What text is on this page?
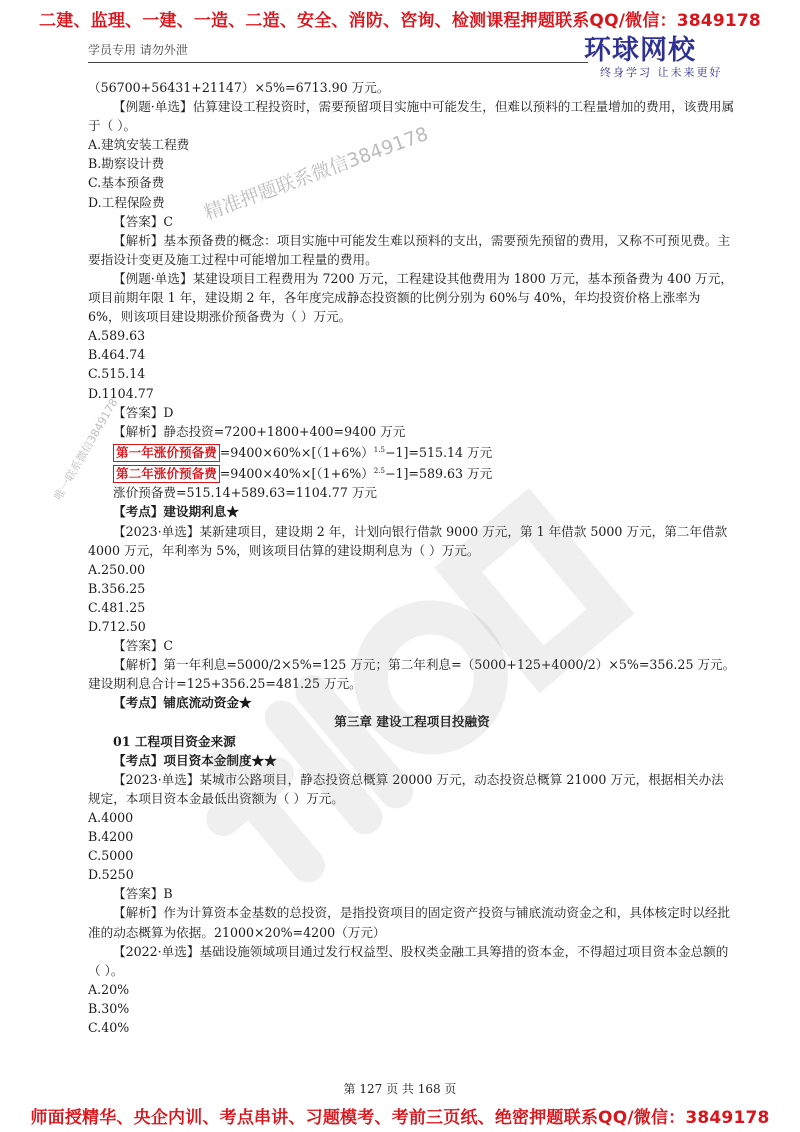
二建、监理、一建、一造、二造、安全、消防、咨询、检测课程押题联系QQ/微信：3849178
学员专用 请勿外泄	环球网校
终身学习 让未来更好

（56700+56431+21147）×5%=6713.90 万元。

【例题·单选】估算建设工程投资时，需要预留项目实施中可能发生，但难以预料的工程量增加的费用，该费用属于（ ）。

A.建筑安装工程费

B.勘察设计费

C.基本预备费

D.工程保险费

【答案】C

【解析】基本预备费的概念：项目实施中可能发生难以预料的支出，需要预先预留的费用，又称不可预见费。主要指设计变更及施工过程中可能增加工程量的费用。

【例题·单选】某建设项目工程费用为 7200 万元，工程建设其他费用为 1800 万元，基本预备费为 400 万元，项目前期年限 1 年，建设期 2 年，各年度完成静态投资额的比例分别为 60%与 40%，年均投资价格上涨率为 6%，则该项目建设期涨价预备费为（ ）万元。

A.589.63

B.464.74

C.515.14

D.1104.77

【答案】D

【解析】静态投资=7200+1800+400=9400 万元

第一年涨价预备费 $=9400\times 60\%\times[(1+6\%)^{1.5}-1]=515.14$ 万元

第二年涨价预备费 $=9400\times 40\%\times[(1+6\%)^{2.5}-1]=589.63$ 万元

涨价预备费=515.14+589.63=1104.77 万元

【考点】建设期利息★

【2023·单选】某新建项目，建设期 2 年，计划向银行借款 9000 万元，第 1 年借款 5000 万元，第二年借款 4000 万元，年利率为 5%，则该项目估算的建设期利息为（ ）万元。

A.250.00

B.356.25

C.481.25

D.712.50

【答案】C

【解析】第一年利息=5000/2×5%=125 万元；第二年利息=（5000+125+4000/2）×5%=356.25 万元。建设期利息合计=125+356.25=481.25 万元。

【考点】铺底流动资金★

第三章 建设工程项目投融资

01 工程项目资金来源

【考点】项目资本金制度★★

【2023·单选】某城市公路项目，静态投资总概算 20000 万元，动态投资总概算 21000 万元，根据相关办法规定，本项目资本金最低出资额为（ ）万元。

A.4000

B.4200

C.5000

D.5250

【答案】B

【解析】作为计算资本金基数的总投资，是指投资项目的固定资产投资与铺底流动资金之和，具体核定时以经批准的动态概算为依据。21000×20%=4200（万元）

【2022·单选】基础设施领域项目通过发行权益型、股权类金融工具筹措的资本金，不得超过项目资本金总额的（ ）。

A.20%

B.30%

C.40%

精准押题联系微信3849178
唯一联系微信3849178
第 127 页 共 168 页
师面授精华、央企内训、考点串讲、习题模考、考前三页纸、绝密押题联系QQ/微信：3849178
